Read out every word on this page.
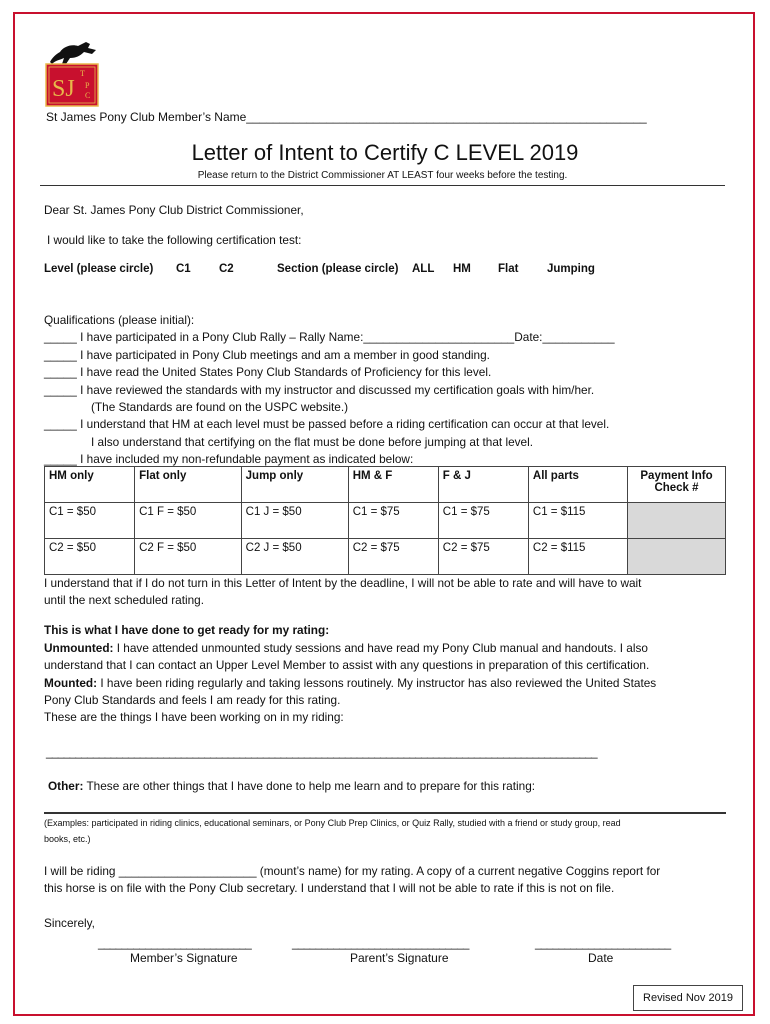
SJ
T
P
C
St James Pony Club Member’s Name____________________________________________________________
Letter of Intent to Certify C LEVEL 2019
Please return to the District Commissioner AT LEAST four weeks before the testing.
Dear St. James Pony Club District Commissioner,
I would like to take the following certification test:
Level (please circle) C1 C2	Section (please circle) ALL HM Flat Jumping
Qualifications (please initial):
_____ I have participated in a Pony Club Rally – Rally Name:_______________________Date:___________
_____ I have participated in Pony Club meetings and am a member in good standing.
_____ I have read the United States Pony Club Standards of Proficiency for this level.
_____ I have reviewed the standards with my instructor and discussed my certification goals with him/her.
(The Standards are found on the USPC website.)
_____ I understand that HM at each level must be passed before a riding certification can occur at that level.
I also understand that certifying on the flat must be done before jumping at that level.
_____ I have included my non-refundable payment as indicated below:
HM only	Flat only	Jump only	HM & F	F & J	All parts	Payment Info
Check #

C1 = $50	C1 F = $50	C1 J = $50	C1 = $75	C1 = $75	C1 = $115	
C2 = $50	C2 F = $50	C2 J = $50	C2 = $75	C2 = $75	C2 = $115	
I understand that if I do not turn in this Letter of Intent by the deadline, I will not be able to rate and will have to wait
until the next scheduled rating.
This is what I have done to get ready for my rating:
Unmounted: I have attended unmounted study sessions and have read my Pony Club manual and handouts. I also
understand that I can contact an Upper Level Member to assist with any questions in preparation of this certification.
Mounted: I have been riding regularly and taking lessons routinely. My instructor has also reviewed the United States
Pony Club Standards and feels I am ready for this rating.
These are the things I have been working on in my riding:
______________________________________________________________________________________________
Other: These are other things that I have done to help me learn and to prepare for this rating:
(Examples: participated in riding clinics, educational seminars, or Pony Club Prep Clinics, or Quiz Rally, studied with a friend or study group, read
books, etc.)
I will be riding _____________________ (mount’s name) for my rating. A copy of a current negative Coggins report for
this horse is on file with the Pony Club secretary. I understand that I will not be able to rate if this is not on file.
Sincerely,
__________________________	______________________________	_______________________
Member’s Signature	Parent’s Signature	Date
Revised Nov 2019
